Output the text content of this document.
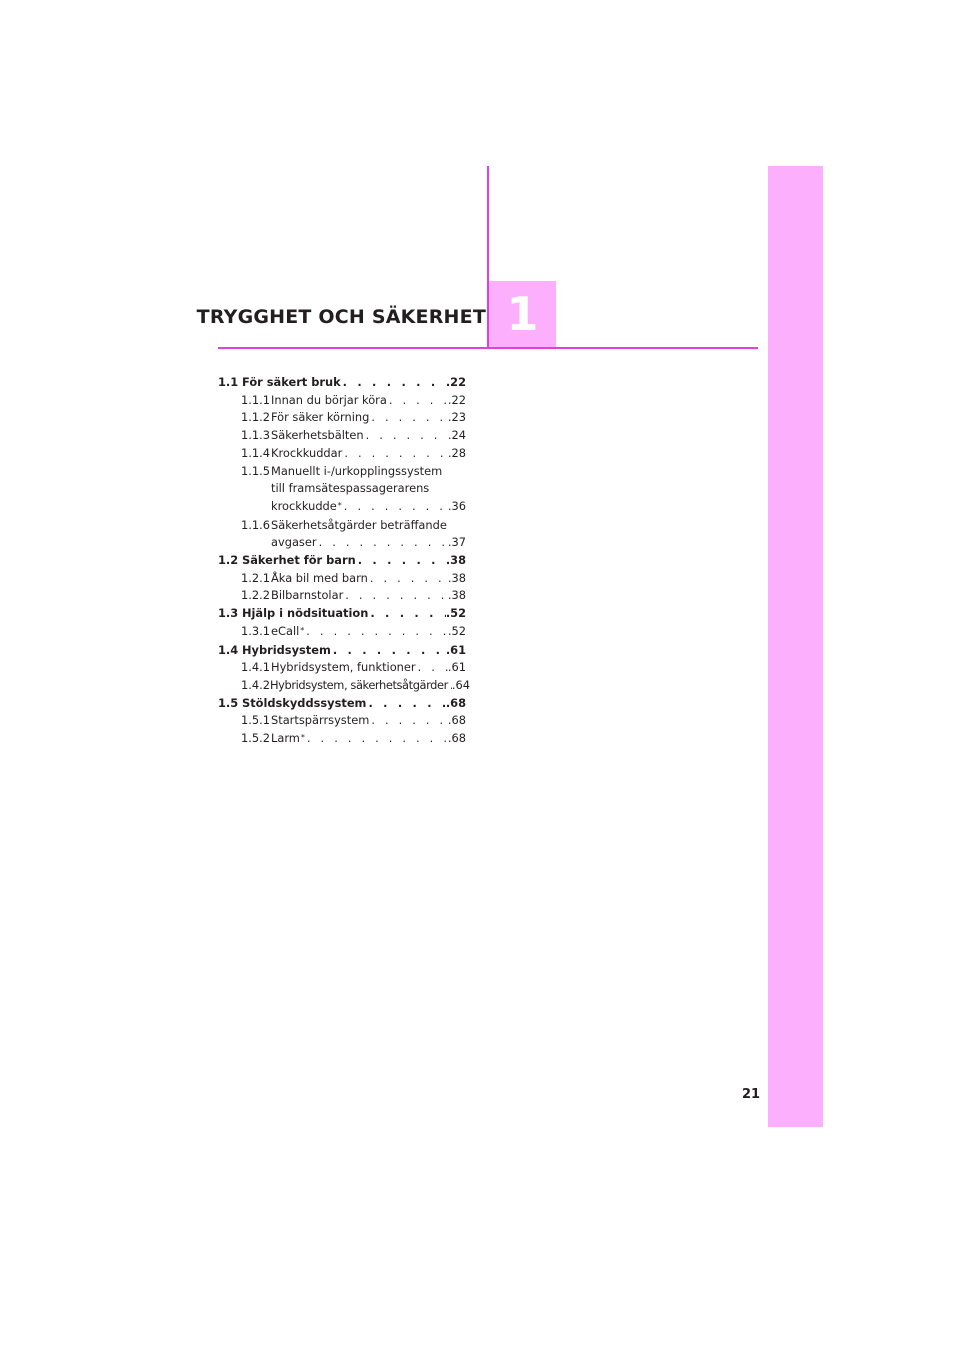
TRYGGHET OCH SÄKERHET 1
1.1 För säkert bruk . . .	.22
1.1.1 Innan du börjar köra . . .	.22
1.1.2 För säker körning . . .	.23
1.1.3 Säkerhetsbälten . . .	.24
1.1.4 Krockkuddar . . .	.28
1.1.5 Manuellt i-/urkopplingssystem
till framsätespassagerarens
krockkudde * . . .	.36
1.1.6 Säkerhetsåtgärder beträffande
avgaser . . .	.37
1.2 Säkerhet för barn . . .	.38
1.2.1 Åka bil med barn . . .	.38
1.2.2 Bilbarnstolar . . .	.38
1.3 Hjälp i nödsituation . . .	.52
1.3.1 eCall * . . .	.52
1.4 Hybridsystem . . .	.61
1.4.1 Hybridsystem, funktioner . . .	.61
1.4.2 Hybridsystem, säkerhetsåtgärder . . . .64
1.5 Stöldskyddssystem . . .	.68
1.5.1 Startspärrsystem . . .	.68
1.5.2 Larm * . . .	.68
21
